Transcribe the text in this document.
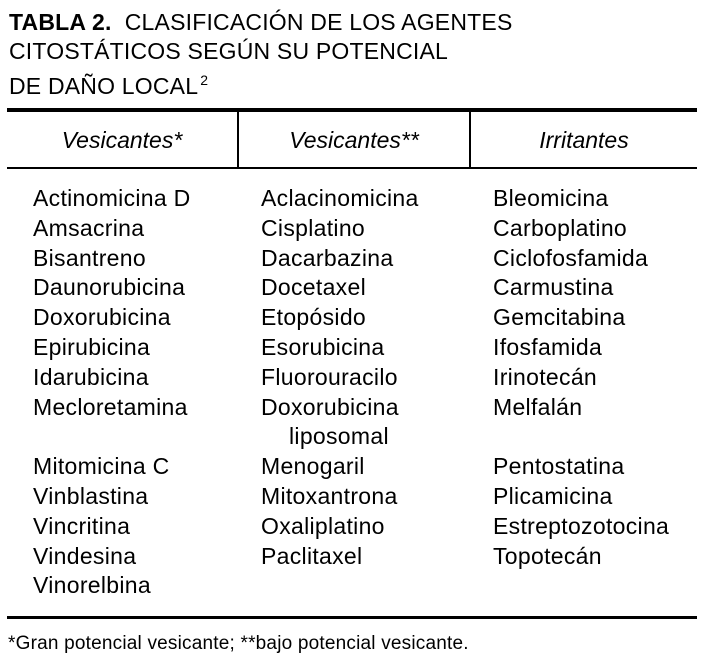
TABLA 2. CLASIFICACIÓN DE LOS AGENTES
CITOSTÁTICOS SEGÚN SU POTENCIAL
DE DAÑO LOCAL $^2$
Vesicantes*	Vesicantes**	Irritantes
Actinomicina D
Amsacrina
Bisantreno
Daunorubicina
Doxorubicina
Epirubicina
Idarubicina
Mecloretamina
Mitomicina C
Vinblastina
Vincritina
Vindesina
Vinorelbina
Aclacinomicina
Cisplatino
Dacarbazina
Docetaxel
Etopósido
Esorubicina
Fluorouracilo
Doxorubicina
liposomal
Menogaril
Mitoxantrona
Oxaliplatino
Paclitaxel
Bleomicina
Carboplatino
Ciclofosfamida
Carmustina
Gemcitabina
Ifosfamida
Irinotecán
Melfalán
Pentostatina
Plicamicina
Estreptozotocina
Topotecán
*Gran potencial vesicante; **bajo potencial vesicante.
